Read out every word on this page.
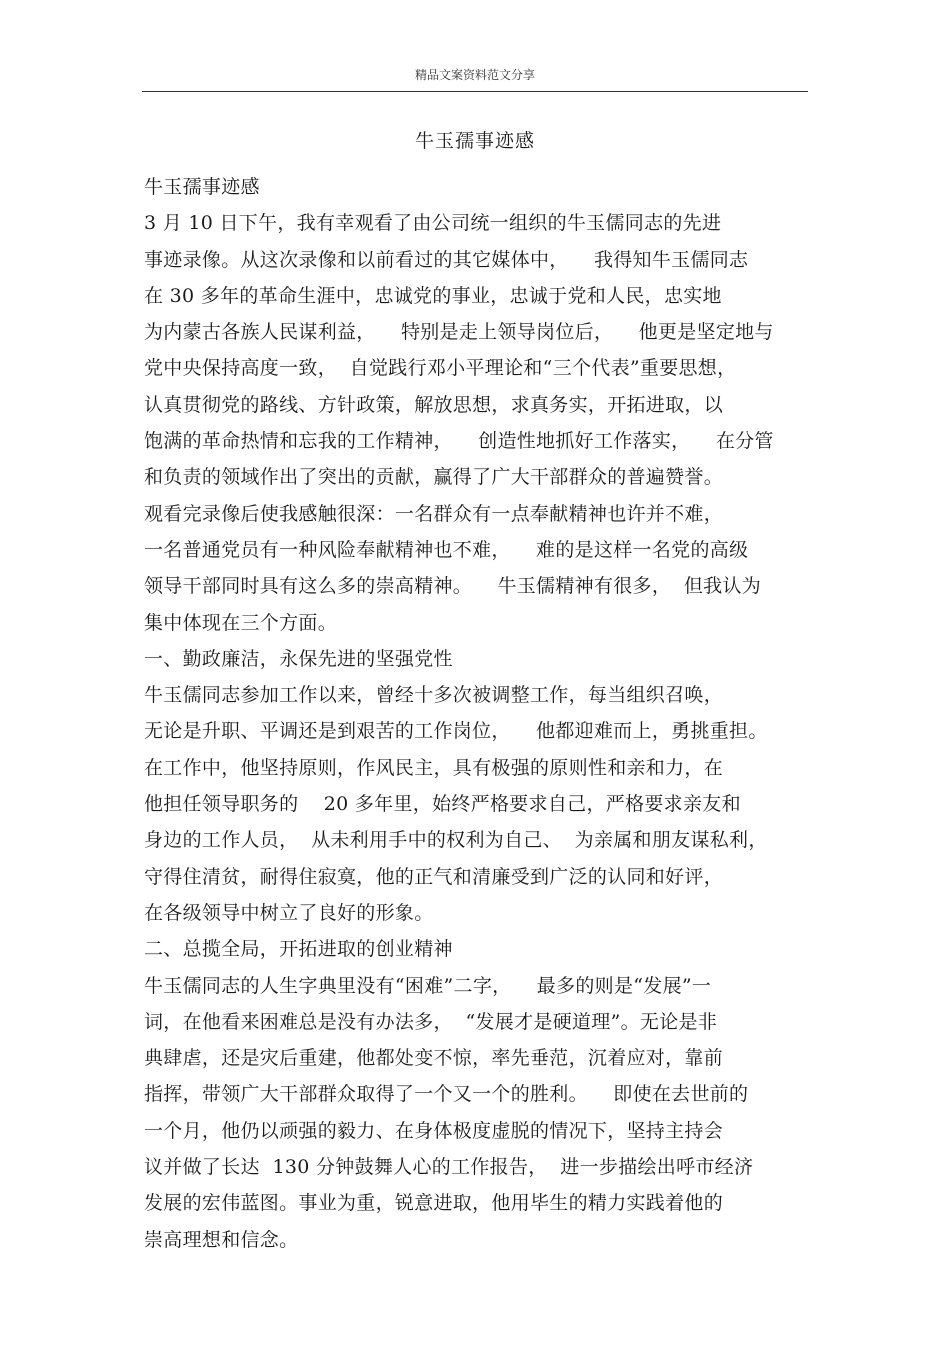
精品文案资料范文分享
牛玉孺事迹感
牛玉孺事迹感
3 月 10 日下午，我有幸观看了由公司统一组织的牛玉儒同志的先进
事迹录像。从这次录像和以前看过的其它媒体中，    我得知牛玉儒同志
在 30 多年的革命生涯中，忠诚党的事业，忠诚于党和人民，忠实地
为内蒙古各族人民谋利益，    特别是走上领导岗位后，    他更是坚定地与
党中央保持高度一致，  自觉践行邓小平理论和“三个代表”重要思想，
认真贯彻党的路线、方针政策，解放思想，求真务实，开拓进取，以
饱满的革命热情和忘我的工作精神，    创造性地抓好工作落实，    在分管
和负责的领域作出了突出的贡献，赢得了广大干部群众的普遍赞誉。
观看完录像后使我感触很深：一名群众有一点奉献精神也许并不难，
一名普通党员有一种风险奉献精神也不难，    难的是这样一名党的高级
领导干部同时具有这么多的崇高精神。    牛玉儒精神有很多，  但我认为
集中体现在三个方面。
一、勤政廉洁，永保先进的坚强党性
牛玉儒同志参加工作以来，曾经十多次被调整工作，每当组织召唤，
无论是升职、平调还是到艰苦的工作岗位，    他都迎难而上，勇挑重担。
在工作中，他坚持原则，作风民主，具有极强的原则性和亲和力，在
他担任领导职务的    20 多年里，始终严格要求自己，严格要求亲友和
身边的工作人员，  从未利用手中的权利为自己、  为亲属和朋友谋私利，
守得住清贫，耐得住寂寞，他的正气和清廉受到广泛的认同和好评，
在各级领导中树立了良好的形象。
二、总揽全局，开拓进取的创业精神
牛玉儒同志的人生字典里没有“困难”二字，    最多的则是“发展”一
词，在他看来困难总是没有办法多，  “发展才是硬道理”。无论是非
典肆虐，还是灾后重建，他都处变不惊，率先垂范，沉着应对，靠前
指挥，带领广大干部群众取得了一个又一个的胜利。    即使在去世前的
一个月，他仍以顽强的毅力、在身体极度虚脱的情况下，坚持主持会
议并做了长达  130 分钟鼓舞人心的工作报告，  进一步描绘出呼市经济
发展的宏伟蓝图。事业为重，锐意进取，他用毕生的精力实践着他的
崇高理想和信念。
